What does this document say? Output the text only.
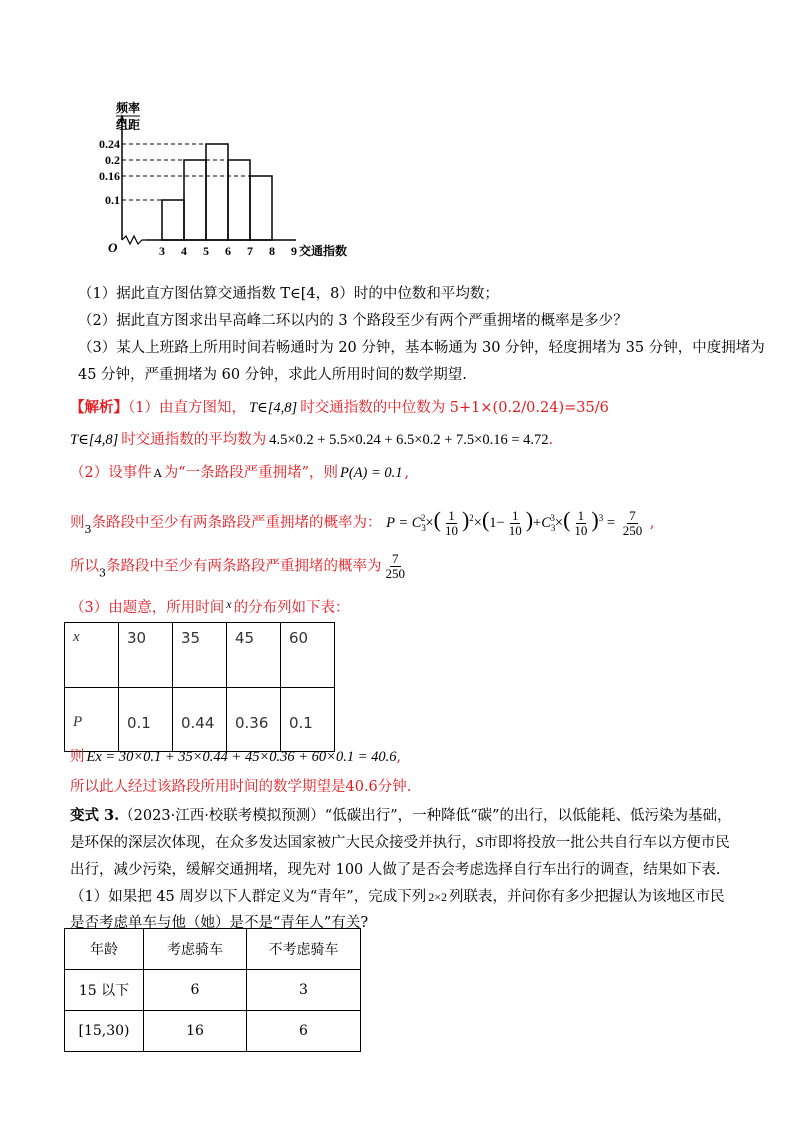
频率
组距
0.24
0.2
0.16
0.1
3 4 5 6 7 8 9
O	交通指数
（1）据此直方图估算交通指数 T∈[4，8）时的中位数和平均数；
（2）据此直方图求出早高峰二环以内的 3 个路段至少有两个严重拥堵的概率是多少？
（3）某人上班路上所用时间若畅通时为 20 分钟，基本畅通为 30 分钟，轻度拥堵为 35 分钟，中度拥堵为
45 分钟，严重拥堵为 60 分钟，求此人所用时间的数学期望.
【解析】（1）由直方图知， T∈[4,8] 时交通指数的中位数为 5+1×(0.2/0.24)=35/6
T∈[4,8] 时交通指数的平均数为 4.5×0.2 + 5.5×0.24 + 6.5×0.2 + 7.5×0.16 = 4.72.
（2）设事件 A 为“一条路段严重拥堵”，则 P(A) = 0.1 ,
则$_3$条路段中至少有两条路段严重拥堵的概率为： $P = C_3^2\times( \frac{1}{10} )^2\times(1- \frac{1}{10} )+C_3^3\times( \frac{1}{10} )^3 = \frac{7}{250}$ ,
所以$_3$条路段中至少有两条路段严重拥堵的概率为 $\frac{7}{250}$
（3）由题意，所用时间 $^x$ 的分布列如下表：
x	30	35	45	60
P	0.1	0.44	0.36	0.1
则 Ex = 30×0.1 + 35×0.44 + 45×0.36 + 60×0.1 = 40.6,
所以此人经过该路段所用时间的数学期望是40.6分钟.
变式 3.（2023·江西·校联考模拟预测）“低碳出行”，一种降低“碳”的出行，以低能耗、低污染为基础，
是环保的深层次体现，在众多发达国家被广大民众接受并执行，S市即将投放一批公共自行车以方便市民
出行，减少污染，缓解交通拥堵，现先对 100 人做了是否会考虑选择自行车出行的调查，结果如下表.
（1）如果把 45 周岁以下人群定义为“青年”，完成下列 2×2 列联表，并问你有多少把握认为该地区市民
是否考虑单车与他（她）是不是“青年人”有关?
年龄	考虑骑车	不考虑骑车
15 以下	6	3
[15,30)	16	6
